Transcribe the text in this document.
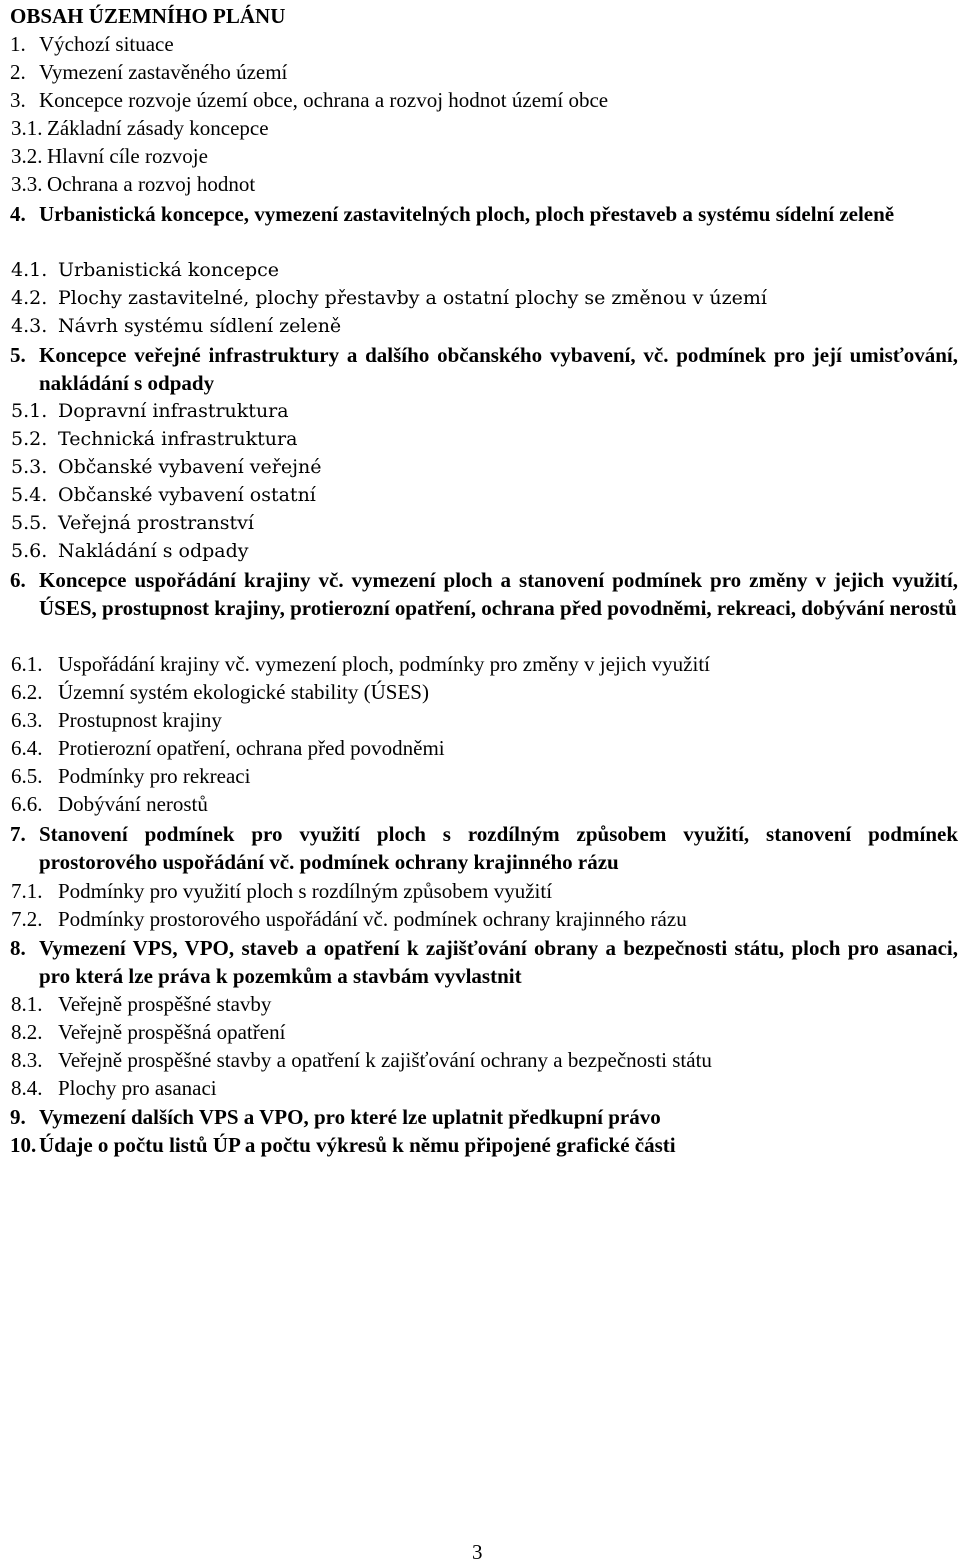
OBSAH ÚZEMNÍHO PLÁNU
1. Výchozí situace
2. Vymezení zastavěného území
3. Koncepce rozvoje území obce, ochrana a rozvoj hodnot území obce
3.1. Základní zásady koncepce
3.2. Hlavní cíle rozvoje
3.3. Ochrana a rozvoj hodnot
4. Urbanistická koncepce, vymezení zastavitelných ploch, ploch přestaveb a systému sídelní zeleně
4.1. Urbanistická koncepce
4.2. Plochy zastavitelné, plochy přestavby a ostatní plochy se změnou v území
4.3. Návrh systému sídlení zeleně
5. Koncepce veřejné infrastruktury a dalšího občanského vybavení, vč. podmínek pro její umisťování, nakládání s odpady
5.1. Dopravní infrastruktura
5.2. Technická infrastruktura
5.3. Občanské vybavení veřejné
5.4. Občanské vybavení ostatní
5.5. Veřejná prostranství
5.6. Nakládání s odpady
6. Koncepce uspořádání krajiny vč. vymezení ploch a stanovení podmínek pro změny v jejich využití, ÚSES, prostupnost krajiny, protierozní opatření, ochrana před povodněmi, rekreaci, dobývání nerostů
6.1. Uspořádání krajiny vč. vymezení ploch, podmínky pro změny v jejich využití
6.2. Územní systém ekologické stability (ÚSES)
6.3. Prostupnost krajiny
6.4. Protierozní opatření, ochrana před povodněmi
6.5. Podmínky pro rekreaci
6.6. Dobývání nerostů
7. Stanovení podmínek pro využití ploch s rozdílným způsobem využití, stanovení podmínek prostorového uspořádání vč. podmínek ochrany krajinného rázu
7.1. Podmínky pro využití ploch s rozdílným způsobem využití
7.2. Podmínky prostorového uspořádání vč. podmínek ochrany krajinného rázu
8. Vymezení VPS, VPO, staveb a opatření k zajišťování obrany a bezpečnosti státu, ploch pro asanaci, pro která lze práva k pozemkům a stavbám vyvlastnit
8.1. Veřejně prospěšné stavby
8.2. Veřejně prospěšná opatření
8.3. Veřejně prospěšné stavby a opatření k zajišťování ochrany a bezpečnosti státu
8.4. Plochy pro asanaci
9. Vymezení dalších VPS a VPO, pro které lze uplatnit předkupní právo
10. Údaje o počtu listů ÚP a počtu výkresů k němu připojené grafické části
3
